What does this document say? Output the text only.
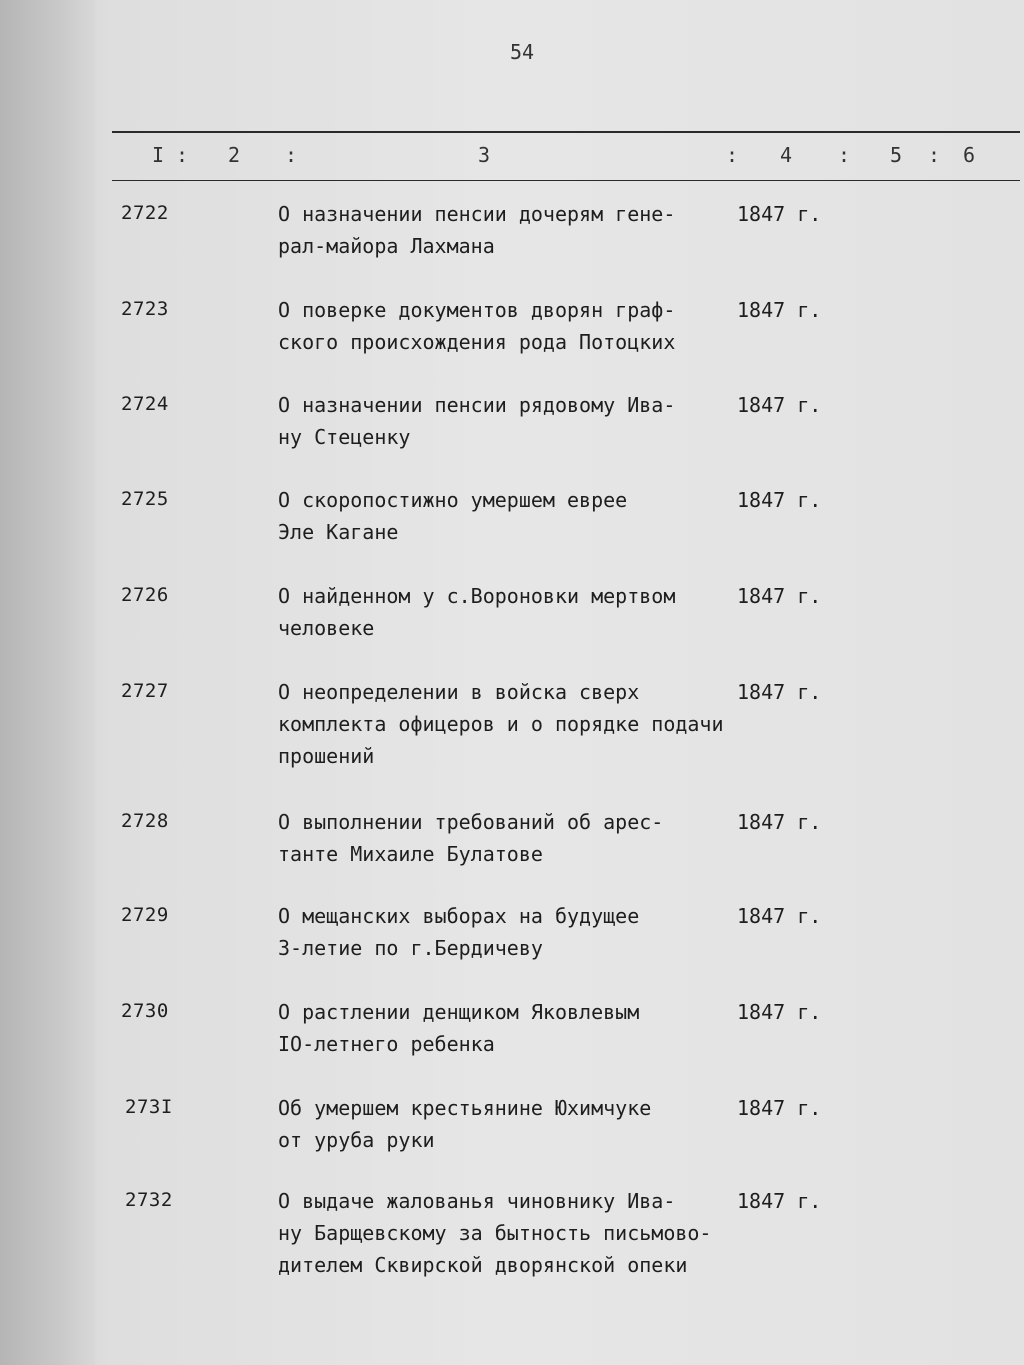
54
I : 2 :	3	: 4 : 5 : 6
2722	О назначении пенсии дочерям гене-
рал-майора Лахмана
1847 г.
2723	О поверке документов дворян граф-
ского происхождения рода Потоцких
1847 г.
2724	О назначении пенсии рядовому Ива-
ну Стеценку
1847 г.
2725	О скоропостижно умершем еврее
Эле Кагане
1847 г.
2726	О найденном у с.Вороновки мертвом
человеке
1847 г.
2727	О неопределении в войска сверх
комплекта офицеров и о порядке подачи
прошений
1847 г.
2728	О выполнении требований об арес-
танте Михаиле Булатове
1847 г.
2729	О мещанских выборах на будущее
3-летие по г.Бердичеву
1847 г.
2730	О растлении денщиком Яковлевым
IO-летнего ребенка
1847 г.
273I	Об умершем крестьянине Юхимчуке
от уруба руки
1847 г.
2732	О выдаче жалованья чиновнику Ива-
ну Барщевскому за бытность письмово-
дителем Сквирской дворянской опеки
1847 г.
